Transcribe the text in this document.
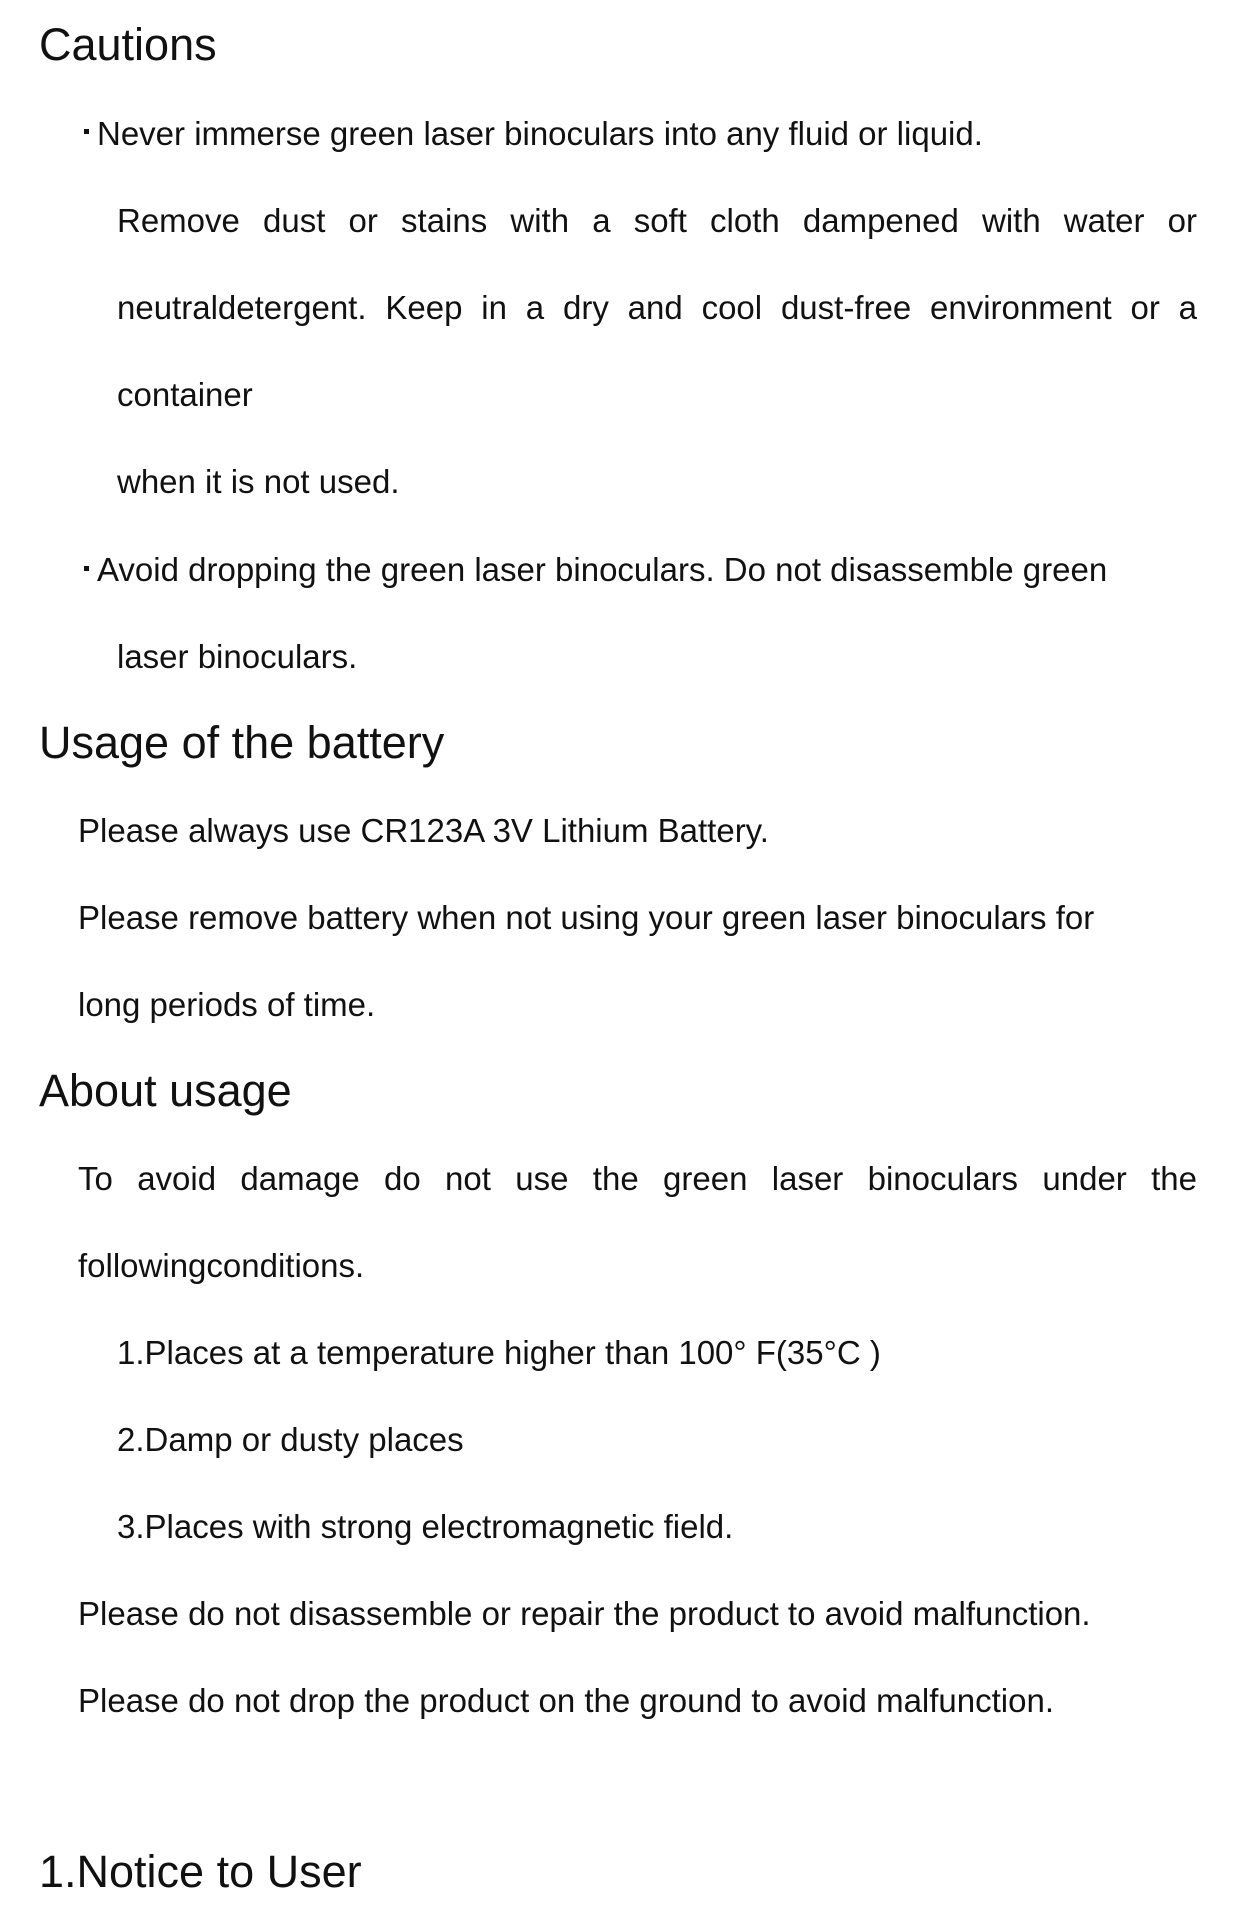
Cautions

Never immerse green laser binoculars into any fluid or liquid.

Remove dust or stains with a soft cloth dampened with water or

neutraldetergent. Keep in a dry and cool dust-free environment or a

container

when it is not used.

Avoid dropping the green laser binoculars. Do not disassemble green

laser binoculars.

Usage of the battery

Please always use CR123A 3V Lithium Battery.

Please remove battery when not using your green laser binoculars for

long periods of time.

About usage

To avoid damage do not use the green laser binoculars under the

followingconditions.

1.Places at a temperature higher than 100° F(35°C )

2.Damp or dusty places

3.Places with strong electromagnetic field.

Please do not disassemble or repair the product to avoid malfunction.

Please do not drop the product on the ground to avoid malfunction.

1.Notice to User
